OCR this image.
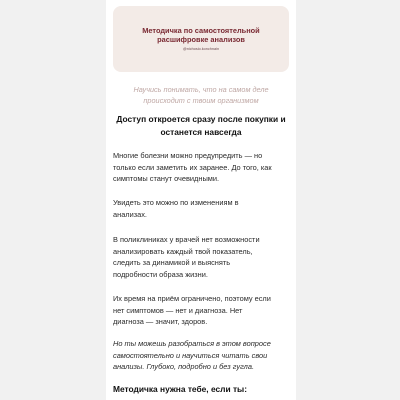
Методичка по самостоятельной
расшифровке анализов
@nichosio.konchnain
Научись понимать, что на самом деле
происходит с твоим организмом
Доступ откроется сразу после покупки и
останется навсегда
Многие болезни можно предупредить — но
только если заметить их заранее. До того, как
симптомы станут очевидными.
Увидеть это можно по изменениям в
анализах.
В поликлиниках у врачей нет возможности
анализировать каждый твой показатель,
следить за динамикой и выяснять
подробности образа жизни.
Их время на приём ограничено, поэтому если
нет симптомов — нет и диагноза. Нет
диагноза — значит, здоров.
Но ты можешь разобраться в этом вопросе
самостоятельно и научиться читать свои
анализы. Глубоко, подробно и без гугла.
Методичка нужна тебе, если ты:
